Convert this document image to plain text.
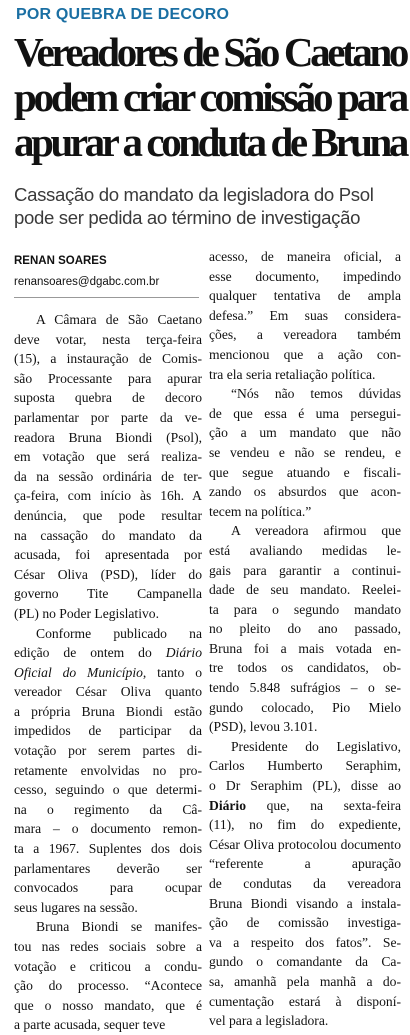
POR QUEBRA DE DECORO
Vereadores de São Caetano
podem criar comissão para
apurar a conduta de Bruna
Cassação do mandato da legisladora do Psol
pode ser pedida ao término de investigação
RENAN SOARES
renansoares@dgabc.com.br
A Câmara de São Caetano
deve votar, nesta terça-feira
(15), a instauração de Comis-
são Processante para apurar
suposta quebra de decoro
parlamentar por parte da ve-
readora Bruna Biondi (Psol),
em votação que será realiza-
da na sessão ordinária de ter-
ça-feira, com início às 16h. A
denúncia, que pode resultar
na cassação do mandato da
acusada, foi apresentada por
César Oliva (PSD), líder do
governo Tite Campanella
(PL) no Poder Legislativo.
Conforme publicado na
edição de ontem do Diário
Oficial do Município, tanto o
vereador César Oliva quanto
a própria Bruna Biondi estão
impedidos de participar da
votação por serem partes di-
retamente envolvidas no pro-
cesso, seguindo o que determi-
na o regimento da Câ-
mara – o documento remon-
ta a 1967. Suplentes dos dois
parlamentares deverão ser
convocados para ocupar
seus lugares na sessão.
Bruna Biondi se manifes-
tou nas redes sociais sobre a
votação e criticou a condu-
ção do processo. “Acontece
que o nosso mandato, que é
a parte acusada, sequer teve
acesso, de maneira oficial, a
esse documento, impedindo
qualquer tentativa de ampla
defesa.” Em suas considera-
ções, a vereadora também
mencionou que a ação con-
tra ela seria retaliação política.
“Nós não temos dúvidas
de que essa é uma persegui-
ção a um mandato que não
se vendeu e não se rendeu, e
que segue atuando e fiscali-
zando os absurdos que acon-
tecem na política.”
A vereadora afirmou que
está avaliando medidas le-
gais para garantir a continui-
dade de seu mandato. Reelei-
ta para o segundo mandato
no pleito do ano passado,
Bruna foi a mais votada en-
tre todos os candidatos, ob-
tendo 5.848 sufrágios – o se-
gundo colocado, Pio Mielo
(PSD), levou 3.101.
Presidente do Legislativo,
Carlos Humberto Seraphim,
o Dr Seraphim (PL), disse ao
Diário que, na sexta-feira
(11), no fim do expediente,
César Oliva protocolou documento
“referente a apuração
de condutas da vereadora
Bruna Biondi visando a instala-
ção de comissão investiga-
va a respeito dos fatos”. Se-
gundo o comandante da Ca-
sa, amanhã pela manhã a do-
cumentação estará à disponí-
vel para a legisladora.
